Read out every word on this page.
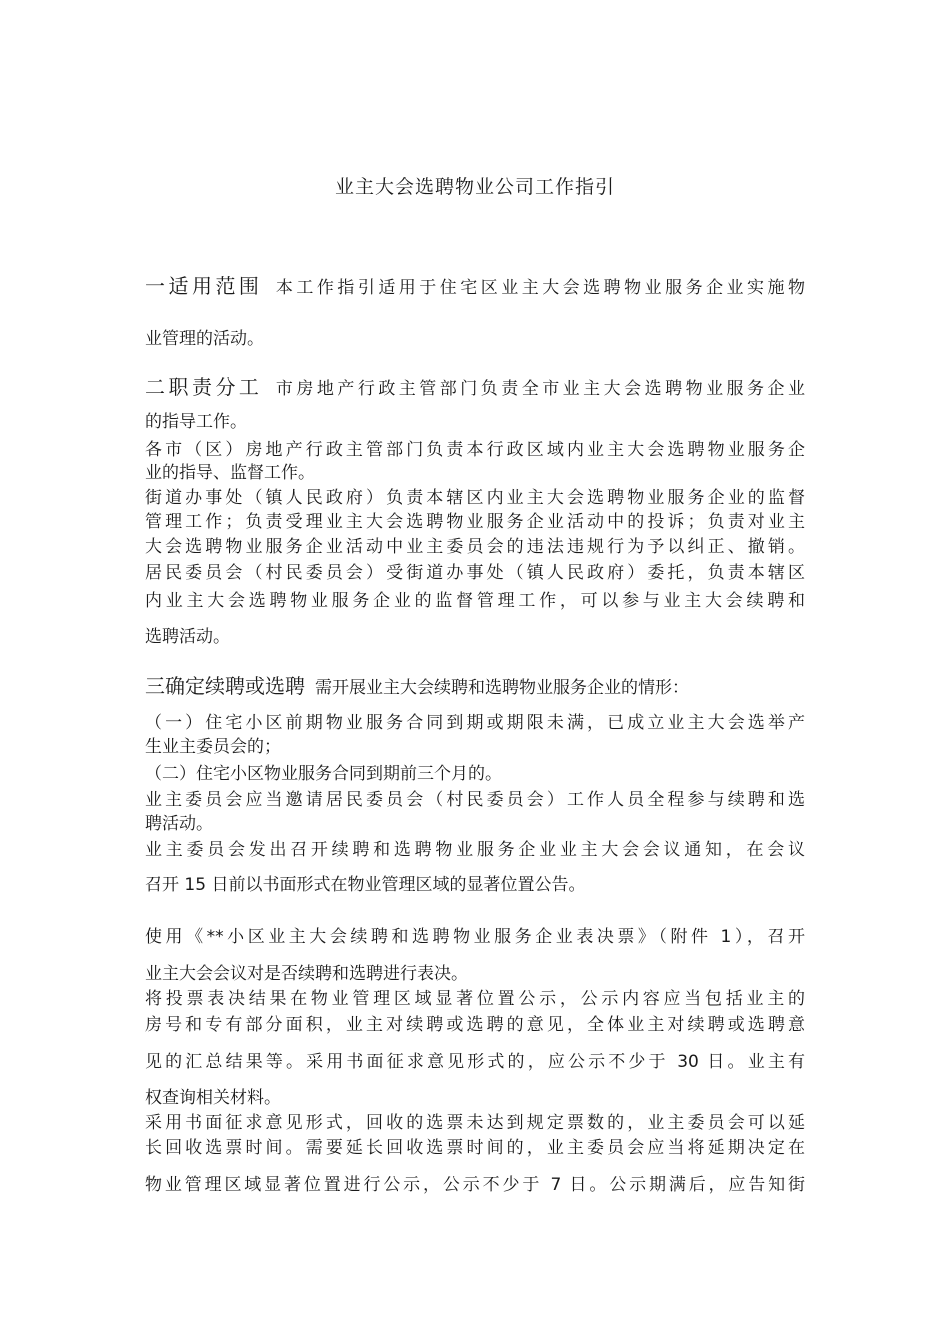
业主大会选聘物业公司工作指引
一适用范围 本工作指引适用于住宅区业主大会选聘物业服务企业实施物
业管理的活动。
二职责分工 市房地产行政主管部门负责全市业主大会选聘物业服务企业
的指导工作。
各市（区）房地产行政主管部门负责本行政区域内业主大会选聘物业服务企
业的指导、监督工作。
街道办事处（镇人民政府）负责本辖区内业主大会选聘物业服务企业的监督
管理工作；负责受理业主大会选聘物业服务企业活动中的投诉；负责对业主
大会选聘物业服务企业活动中业主委员会的违法违规行为予以纠正、撤销。
居民委员会（村民委员会）受街道办事处（镇人民政府）委托，负责本辖区
内业主大会选聘物业服务企业的监督管理工作，可以参与业主大会续聘和
选聘活动。
三确定续聘或选聘 需开展业主大会续聘和选聘物业服务企业的情形：
（一）住宅小区前期物业服务合同到期或期限未满，已成立业主大会选举产
生业主委员会的；
（二）住宅小区物业服务合同到期前三个月的。
业主委员会应当邀请居民委员会（村民委员会）工作人员全程参与续聘和选
聘活动。
业主委员会发出召开续聘和选聘物业服务企业业主大会会议通知，在会议
召开 15 日前以书面形式在物业管理区域的显著位置公告。
使用《**小区业主大会续聘和选聘物业服务企业表决票》（附件 1），召开
业主大会会议对是否续聘和选聘进行表决。
将投票表决结果在物业管理区域显著位置公示，公示内容应当包括业主的
房号和专有部分面积，业主对续聘或选聘的意见，全体业主对续聘或选聘意
见的汇总结果等。采用书面征求意见形式的，应公示不少于 30 日。业主有
权查询相关材料。
采用书面征求意见形式，回收的选票未达到规定票数的，业主委员会可以延
长回收选票时间。需要延长回收选票时间的，业主委员会应当将延期决定在
物业管理区域显著位置进行公示，公示不少于 7 日。公示期满后，应告知街
